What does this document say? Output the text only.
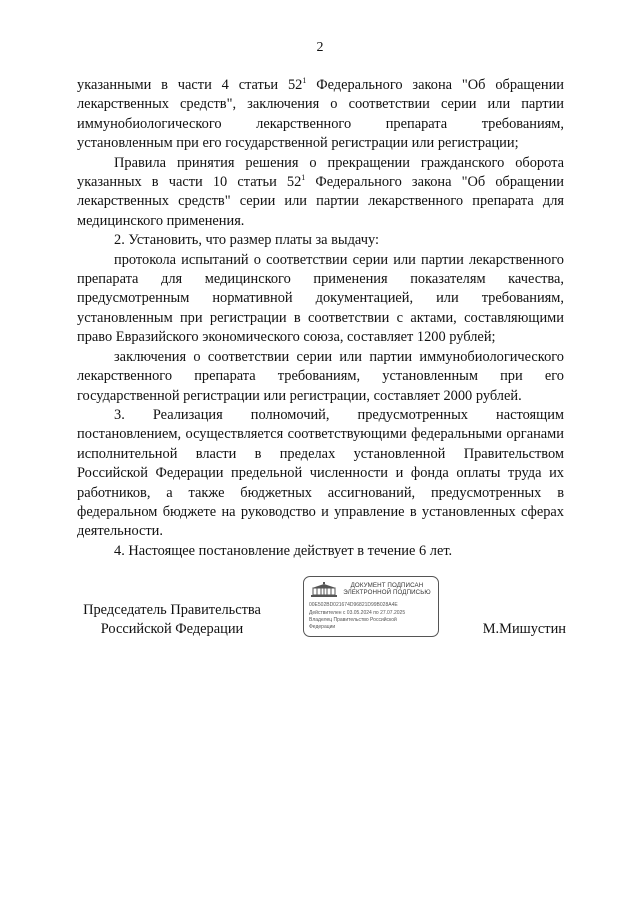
2

указанными в части 4 статьи $52^1$ Федерального закона "Об обращении лекарственных средств", заключения о соответствии серии или партии иммунобиологического лекарственного препарата требованиям, установленным при его государственной регистрации или регистрации;

Правила принятия решения о прекращении гражданского оборота указанных в части 10 статьи $52^1$ Федерального закона "Об обращении лекарственных средств" серии или партии лекарственного препарата для медицинского применения.

2. Установить, что размер платы за выдачу:

протокола испытаний о соответствии серии или партии лекарственного препарата для медицинского применения показателям качества, предусмотренным нормативной документацией, или требованиям, установленным при регистрации в соответствии с актами, составляющими право Евразийского экономического союза, составляет 1200 рублей;

заключения о соответствии серии или партии иммунобиологического лекарственного препарата требованиям, установленным при его государственной регистрации или регистрации, составляет 2000 рублей.

3. Реализация полномочий, предусмотренных настоящим постановлением, осуществляется соответствующими федеральными органами исполнительной власти в пределах установленной Правительством Российской Федерации предельной численности и фонда оплаты труда их работников, а также бюджетных ассигнований, предусмотренных в федеральном бюджете на руководство и управление в установленных сферах деятельности.

4. Настоящее постановление действует в течение 6 лет.

Председатель Правительства
Российской Федерации
ДОКУМЕНТ ПОДПИСАН
ЭЛЕКТРОННОЙ ПОДПИСЬЮ
00E502BD021674D96821D99B028A4E
Действителен с 03.05.2024 по 27.07.2025
Владелец Правительство Российской
Федерации	М.Мишустин
